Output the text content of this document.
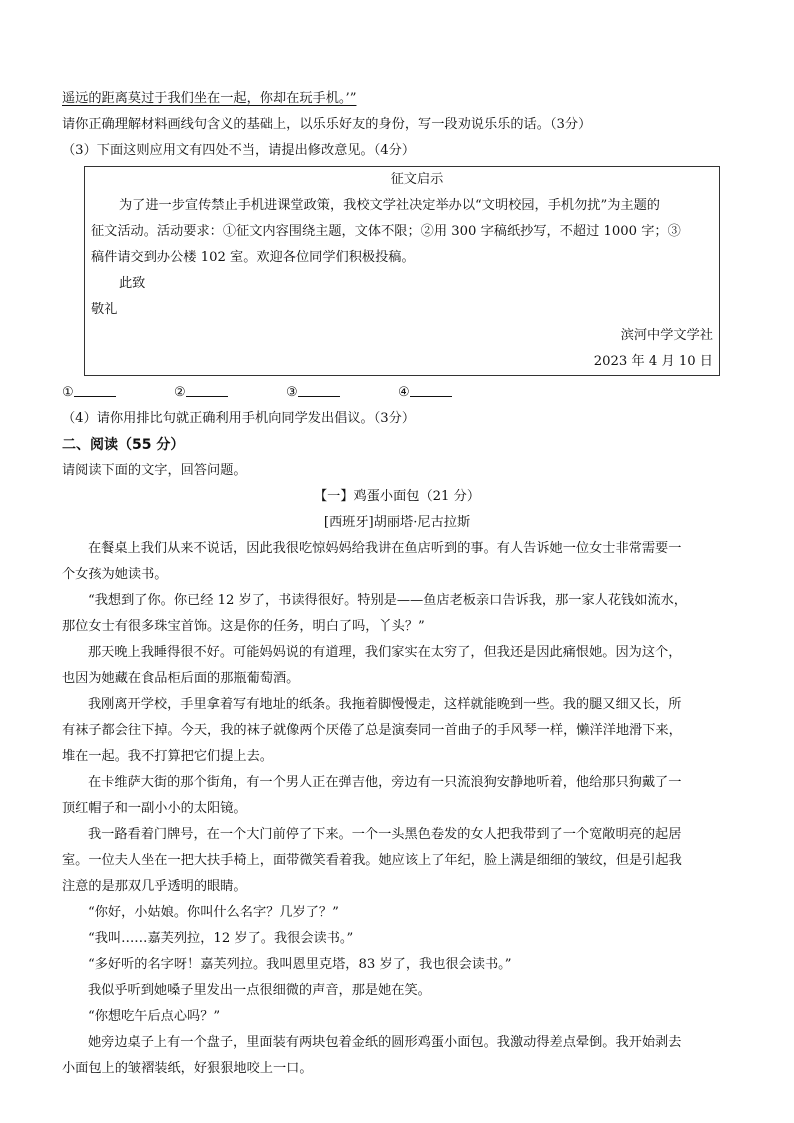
遥远的距离莫过于我们坐在一起，你却在玩手机。’”
请你正确理解材料画线句含义的基础上，以乐乐好友的身份，写一段劝说乐乐的话。（3分）
（3）下面这则应用文有四处不当，请提出修改意见。（4分）
征文启示
为了进一步宣传禁止手机进课堂政策，我校文学社决定举办以“文明校园，手机勿扰”为主题的
征文活动。活动要求：①征文内容围绕主题，文体不限；②用 300 字稿纸抄写，不超过 1000 字；③
稿件请交到办公楼 102 室。欢迎各位同学们积极投稿。
此致
敬礼
滨河中学文学社
2023 年 4 月 10 日
①	②	③	④
（4）请你用排比句就正确利用手机向同学发出倡议。（3分）
二、阅读（55 分）
请阅读下面的文字，回答问题。
【一】鸡蛋小面包（21 分）
[西班牙]胡丽塔·尼古拉斯
在餐桌上我们从来不说话，因此我很吃惊妈妈给我讲在鱼店听到的事。有人告诉她一位女士非常需要一
个女孩为她读书。
“我想到了你。你已经 12 岁了，书读得很好。特别是——鱼店老板亲口告诉我，那一家人花钱如流水，
那位女士有很多珠宝首饰。这是你的任务，明白了吗，丫头？”
那天晚上我睡得很不好。可能妈妈说的有道理，我们家实在太穷了，但我还是因此痛恨她。因为这个，
也因为她藏在食品柜后面的那瓶葡萄酒。
我刚离开学校，手里拿着写有地址的纸条。我拖着脚慢慢走，这样就能晚到一些。我的腿又细又长，所
有袜子都会往下掉。今天，我的袜子就像两个厌倦了总是演奏同一首曲子的手风琴一样，懒洋洋地滑下来，
堆在一起。我不打算把它们提上去。
在卡维萨大街的那个街角，有一个男人正在弹吉他，旁边有一只流浪狗安静地听着，他给那只狗戴了一
顶红帽子和一副小小的太阳镜。
我一路看着门牌号，在一个大门前停了下来。一个一头黑色卷发的女人把我带到了一个宽敞明亮的起居
室。一位夫人坐在一把大扶手椅上，面带微笑看着我。她应该上了年纪，脸上满是细细的皱纹，但是引起我
注意的是那双几乎透明的眼睛。
“你好，小姑娘。你叫什么名字？几岁了？”
“我叫……嘉芙列拉，12 岁了。我很会读书。”
“多好听的名字呀！嘉芙列拉。我叫恩里克塔，83 岁了，我也很会读书。”
我似乎听到她嗓子里发出一点很细微的声音，那是她在笑。
“你想吃午后点心吗？”
她旁边桌子上有一个盘子，里面装有两块包着金纸的圆形鸡蛋小面包。我激动得差点晕倒。我开始剥去
小面包上的皱褶装纸，好狠狠地咬上一口。
